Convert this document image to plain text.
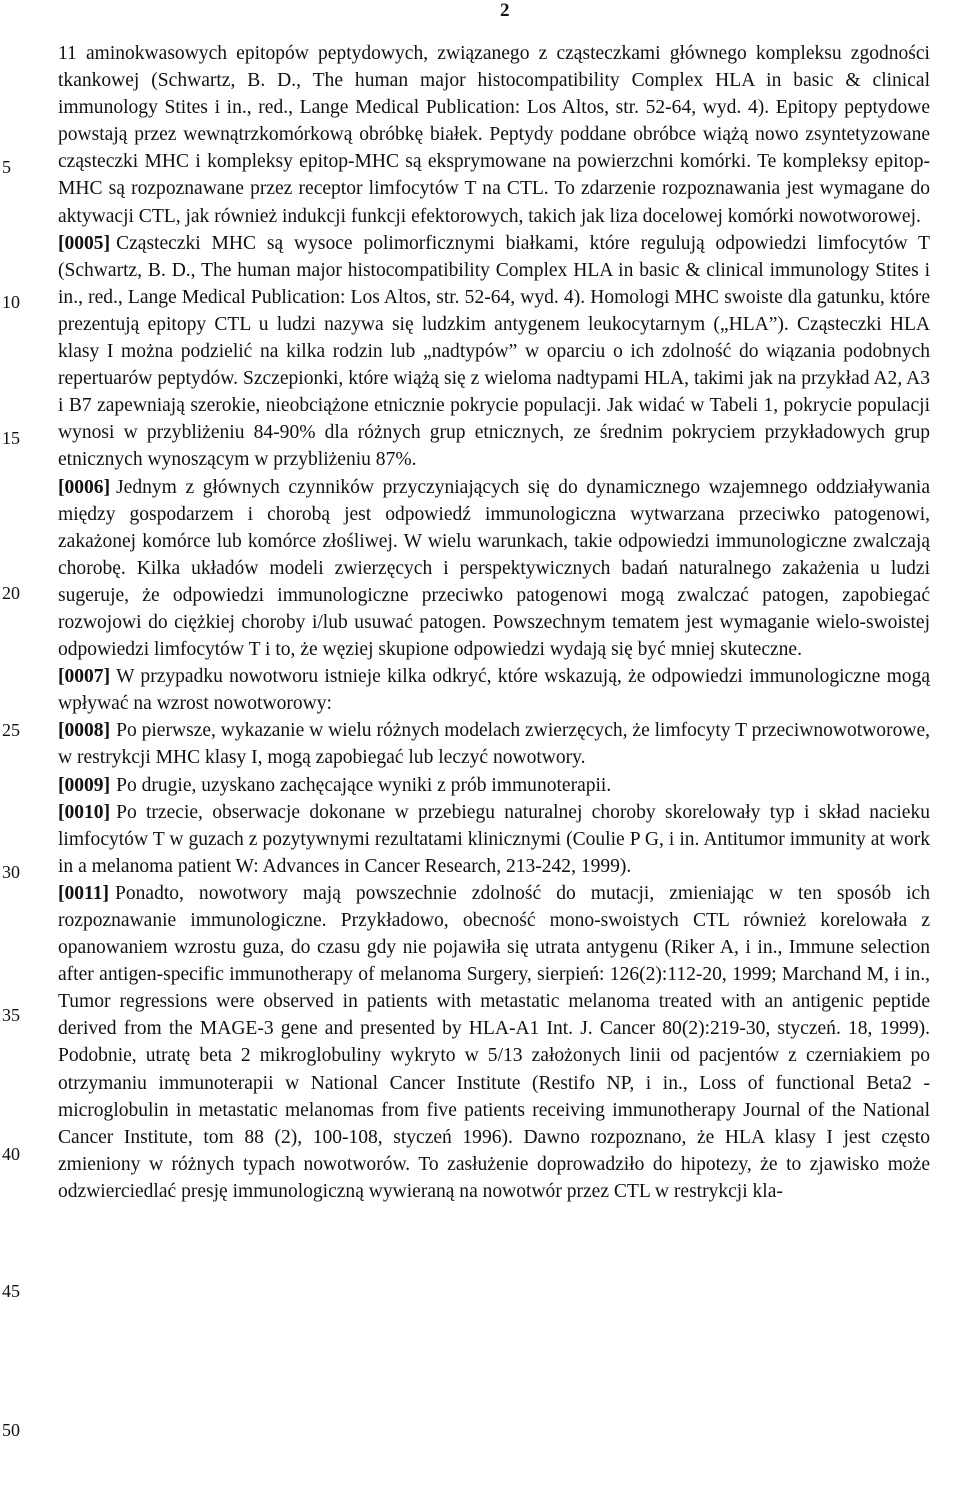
2
5
10
15
20
25
30
35
40
45
50

11 aminokwasowych epitopów peptydowych, związanego z cząsteczkami głównego kompleksu zgodności tkankowej (Schwartz, B. D., The human major histocompatibility Complex HLA in basic & clinical immunology Stites i in., red., Lange Medical Publication: Los Altos, str. 52-64, wyd. 4). Epitopy peptydowe powstają przez wewnątrzkomórkową obróbkę białek. Peptydy poddane obróbce wiążą nowo zsyntetyzowane cząsteczki MHC i kompleksy epitop-MHC są eksprymowane na powierzchni komórki. Te kompleksy epitop-MHC są rozpoznawane przez receptor limfocytów T na CTL. To zdarzenie rozpoznawania jest wymagane do aktywacji CTL, jak również indukcji funkcji efektorowych, takich jak liza docelowej komórki nowotworowej.

[0005] Cząsteczki MHC są wysoce polimorficznymi białkami, które regulują odpowiedzi limfocytów T (Schwartz, B. D., The human major histocompatibility Complex HLA in basic & clinical immunology Stites i in., red., Lange Medical Publication: Los Altos, str. 52-64, wyd. 4). Homologi MHC swoiste dla gatunku, które prezentują epitopy CTL u ludzi nazywa się ludzkim antygenem leukocytarnym („HLA”). Cząsteczki HLA klasy I można podzielić na kilka rodzin lub „nadtypów” w oparciu o ich zdolność do wiązania podobnych repertuarów peptydów. Szczepionki, które wiążą się z wieloma nadtypami HLA, takimi jak na przykład A2, A3 i B7 zapewniają szerokie, nieobciążone etnicznie pokrycie populacji. Jak widać w Tabeli 1, pokrycie populacji wynosi w przybliżeniu 84-90% dla różnych grup etnicznych, ze średnim pokryciem przykładowych grup etnicznych wynoszącym w przybliżeniu 87%.

[0006] Jednym z głównych czynników przyczyniających się do dynamicznego wzajemnego oddziaływania między gospodarzem i chorobą jest odpowiedź immunologiczna wytwarzana przeciwko patogenowi, zakażonej komórce lub komórce złośliwej. W wielu warunkach, takie odpowiedzi immunologiczne zwalczają chorobę. Kilka układów modeli zwierzęcych i perspektywicznych badań naturalnego zakażenia u ludzi sugeruje, że odpowiedzi immunologiczne przeciwko patogenowi mogą zwalczać patogen, zapobiegać rozwojowi do ciężkiej choroby i/lub usuwać patogen. Powszechnym tematem jest wymaganie wielo-swoistej odpowiedzi limfocytów T i to, że węziej skupione odpowiedzi wydają się być mniej skuteczne.

[0007] W przypadku nowotworu istnieje kilka odkryć, które wskazują, że odpowiedzi immunologiczne mogą wpływać na wzrost nowotworowy:

[0008] Po pierwsze, wykazanie w wielu różnych modelach zwierzęcych, że limfocyty T przeciwnowotworowe, w restrykcji MHC klasy I, mogą zapobiegać lub leczyć nowotwory.

[0009] Po drugie, uzyskano zachęcające wyniki z prób immunoterapii.

[0010] Po trzecie, obserwacje dokonane w przebiegu naturalnej choroby skorelowały typ i skład nacieku limfocytów T w guzach z pozytywnymi rezultatami klinicznymi (Coulie P G, i in. Antitumor immunity at work in a melanoma patient W: Advances in Cancer Research, 213-242, 1999).

[0011] Ponadto, nowotwory mają powszechnie zdolność do mutacji, zmieniając w ten sposób ich rozpoznawanie immunologiczne. Przykładowo, obecność mono-swoistych CTL również korelowała z opanowaniem wzrostu guza, do czasu gdy nie pojawiła się utrata antygenu (Riker A, i in., Immune selection after antigen-specific immunotherapy of melanoma Surgery, sierpień: 126(2):112-20, 1999; Marchand M, i in., Tumor regressions were observed in patients with metastatic melanoma treated with an antigenic peptide derived from the MAGE-3 gene and presented by HLA-A1 Int. J. Cancer 80(2):219-30, styczeń. 18, 1999). Podobnie, utratę beta 2 mikroglobuliny wykryto w 5/13 założonych linii od pacjentów z czerniakiem po otrzymaniu immunoterapii w National Cancer Institute (Restifo NP, i in., Loss of functional Beta2 - microglobulin in metastatic melanomas from five patients receiving immunotherapy Journal of the National Cancer Institute, tom 88 (2), 100-108, styczeń 1996). Dawno rozpoznano, że HLA klasy I jest często zmieniony w różnych typach nowotworów. To zasłużenie doprowadziło do hipotezy, że to zjawisko może odzwierciedlać presję immunologiczną wywieraną na nowotwór przez CTL w restrykcji kla-
